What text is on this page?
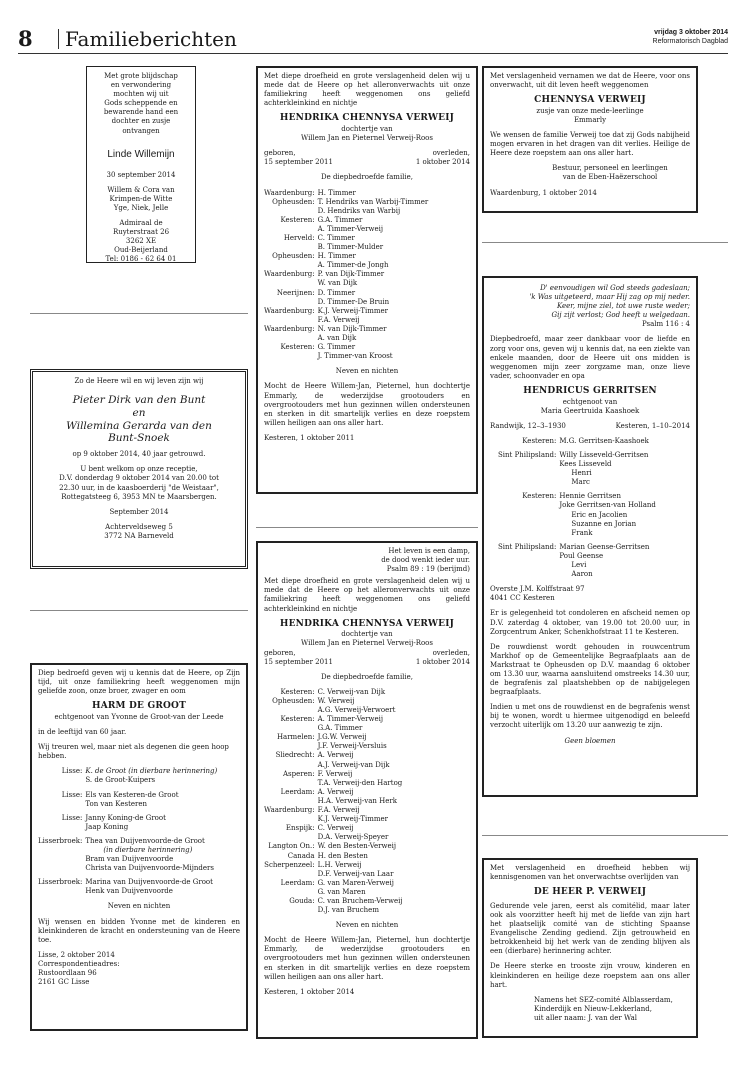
8 Familieberichten	vrijdag 3 oktober 2014
Reformatorisch Dagblad

Met grote blijdschap

en verwondering

mochten wij uit

Gods scheppende en

bewarende hand een

dochter en zusje

ontvangen

Linde Willemijn

30 september 2014

Willem & Cora van

Krimpen-de Witte

Yge, Niek, Jelle

Admiraal de

Ruyterstraat 26

3262 XE

Oud-Beijerland

Tel: 0186 - 62 64 01

Zo de Heere wil en wij leven zijn wij

Pieter Dirk van den Bunt

en

Willemina Gerarda van den

Bunt-Snoek

op 9 oktober 2014, 40 jaar getrouwd.

U bent welkom op onze receptie,

D.V. donderdag 9 oktober 2014 van 20.00 tot

22.30 uur, in de kaasboerderij "de Weistaar",

Rottegatsteeg 6, 3953 MN te Maarsbergen.

September 2014

Achterveldseweg 5

3772 NA Barneveld

Diep bedroefd geven wij u kennis dat de Heere, op Zijn tijd, uit onze familiekring heeft weggenomen mijn geliefde zoon, onze broer, zwager en oom

HARM DE GROOT

echtgenoot van Yvonne de Groot-van der Leede

in de leeftijd van 60 jaar.

Wij treuren wel, maar niet als degenen die geen hoop hebben.

Lisse: K. de Groot (in dierbare herinnering)

S. de Groot-Kuipers

Lisse: Els van Kesteren-de Groot

Ton van Kesteren

Lisse: Janny Koning-de Groot

Jaap Koning

Lisserbroek: Thea van Duijvenvoorde-de Groot

(in dierbare herinnering)

Bram van Duijvenvoorde

Christa van Duijvenvoorde-Mijnders

Lisserbroek: Marina van Duijvenvoorde-de Groot

Henk van Duijvenvoorde

Neven en nichten

Wij wensen en bidden Yvonne met de kinderen en kleinkinderen de kracht en ondersteuning van de Heere toe.

Lisse, 2 oktober 2014

Correspondentieadres:

Rustoordlaan 96

2161 GC Lisse

Met diepe droefheid en grote verslagenheid delen wij u mede dat de Heere op het alleronverwachts uit onze familiekring heeft weggenomen ons geliefd achterkleinkind en nichtje

HENDRIKA CHENNYSA VERWEIJ

dochtertje van

Willem Jan en Pieternel Verweij-Roos

geboren,

15 september 2011

overleden,

1 oktober 2014

De diepbedroefde familie,

Waardenburg: H. Timmer
Opheusden: T. Hendriks van Warbij-Timmer
D. Hendriks van Warbij
Kesteren: G.A. Timmer
A. Timmer-Verweij
Herveld: C. Timmer
B. Timmer-Mulder
Opheusden: H. Timmer
A. Timmer-de Jongh
Waardenburg: P. van Dijk-Timmer
W. van Dijk
Neerijnen: D. Timmer
D. Timmer-De Bruin
Waardenburg: K.J. Verweij-Timmer
F.A. Verweij
Waardenburg: N. van Dijk-Timmer
A. van Dijk
Kesteren: G. Timmer
J. Timmer-van Kroost

Neven en nichten

Mocht de Heere Willem-Jan, Pieternel, hun dochtertje Emmarly, de wederzijdse grootouders en overgrootouders met hun gezinnen willen ondersteunen en sterken in dit smartelijk verlies en deze roepstem willen heiligen aan ons aller hart.

Kesteren, 1 oktober 2011

Het leven is een damp,

de dood wenkt ieder uur.

Psalm 89 : 19 (berijmd)

Met diepe droefheid en grote verslagenheid delen wij u mede dat de Heere op het alleronverwachts uit onze familiekring heeft weggenomen ons geliefd achterkleinkind en nichtje

HENDRIKA CHENNYSA VERWEIJ

dochtertje van

Willem Jan en Pieternel Verweij-Roos

geboren,

15 september 2011

overleden,

1 oktober 2014

De diepbedroefde familie,

Kesteren: C. Verweij-van Dijk
Opheusden: W. Verweij
A.G. Verweij-Verwoert
Kesteren: A. Timmer-Verweij
G.A. Timmer
Harmelen: J.G.W. Verweij
J.F. Verweij-Versluis
Sliedrecht: A. Verweij
A.J. Verweij-van Dijk
Asperen: F. Verweij
T.A. Verweij-den Hartog
Leerdam: A. Verweij
H.A. Verweij-van Herk
Waardenburg: F.A. Verweij
K.J. Verweij-Timmer
Enspijk: C. Verweij
D.A. Verweij-Speyer
Langton On.: W. den Besten-Verweij
Canada H. den Besten
Scherpenzeel: L.H. Verweij
D.F. Verweij-van Laar
Leerdam: G. van Maren-Verweij
G. van Maren
Gouda: C. van Bruchem-Verweij
D.J. van Bruchem

Neven en nichten

Mocht de Heere Willem-Jan, Pieternel, hun dochtertje Emmarly, de wederzijdse grootouders en overgrootouders met hun gezinnen willen ondersteunen en sterken in dit smartelijk verlies en deze roepstem willen heiligen aan ons aller hart.

Kesteren, 1 oktober 2014

Met verslagenheid vernamen we dat de Heere, voor ons onverwacht, uit dit leven heeft weggenomen

CHENNYSA VERWEIJ

zusje van onze mede-leerlinge

Emmarly

We wensen de familie Verweij toe dat zij Gods nabijheid mogen ervaren in het dragen van dit verlies. Heilige de Heere deze roepstem aan ons aller hart.

Bestuur, personeel en leerlingen

van de Eben-Haëzerschool

Waardenburg, 1 oktober 2014

D' eenvoudigen wil God steeds gadeslaan;

'k Was uitgeteerd, maar Hij zag op mij neder.

Keer, mijne ziel, tot uwe ruste weder;

Gij zijt verlost; God heeft u welgedaan.

Psalm 116 : 4

Diepbedroefd, maar zeer dankbaar voor de liefde en zorg voor ons, geven wij u kennis dat, na een ziekte van enkele maanden, door de Heere uit ons midden is weggenomen mijn zeer zorgzame man, onze lieve vader, schoonvader en opa

HENDRICUS GERRITSEN

echtgenoot van

Maria Geertruida Kaashoek

Randwijk, 12–3–1930	Kesteren, 1–10–2014

Kesteren: M.G. Gerritsen-Kaashoek

Sint Philipsland: Willy Lisseveld-Gerritsen

Kees Lisseveld

Henri

Marc

Kesteren: Hennie Gerritsen

Joke Gerritsen-van Holland

Eric en Jacolien

Suzanne en Jorian

Frank

Sint Philipsland: Marian Geense-Gerritsen

Poul Geense

Levi

Aaron

Overste J.M. Kolffstraat 97

4041 CC Kesteren

Er is gelegenheid tot condoleren en afscheid nemen op D.V. zaterdag 4 oktober, van 19.00 tot 20.00 uur, in Zorgcentrum Anker, Schenkhofstraat 11 te Kesteren.

De rouwdienst wordt gehouden in rouwcentrum Markhof op de Gemeentelijke Begraafplaats aan de Markstraat te Opheusden op D.V. maandag 6 oktober om 13.30 uur, waarna aansluitend omstreeks 14.30 uur, de begrafenis zal plaatshebben op de nabijgelegen begraafplaats.

Indien u met ons de rouwdienst en de begrafenis wenst bij te wonen, wordt u hiermee uitgenodigd en beleefd verzocht uiterlijk om 13.20 uur aanwezig te zijn.

Geen bloemen

Met verslagenheid en droefheid hebben wij kennisgenomen van het onverwachtse overlijden van

DE HEER P. VERWEIJ

Gedurende vele jaren, eerst als comitélid, maar later ook als voorzitter heeft hij met de liefde van zijn hart het plaatselijk comité van de stichting Spaanse Evangelische Zending gediend. Zijn getrouwheid en betrokkenheid bij het werk van de zending blijven als een (dierbare) herinnering achter.

De Heere sterke en trooste zijn vrouw, kinderen en kleinkinderen en heilige deze roepstem aan ons aller hart.

Namens het SEZ-comité Alblasserdam,

Kinderdijk en Nieuw-Lekkerland,

uit aller naam: J. van der Wal
